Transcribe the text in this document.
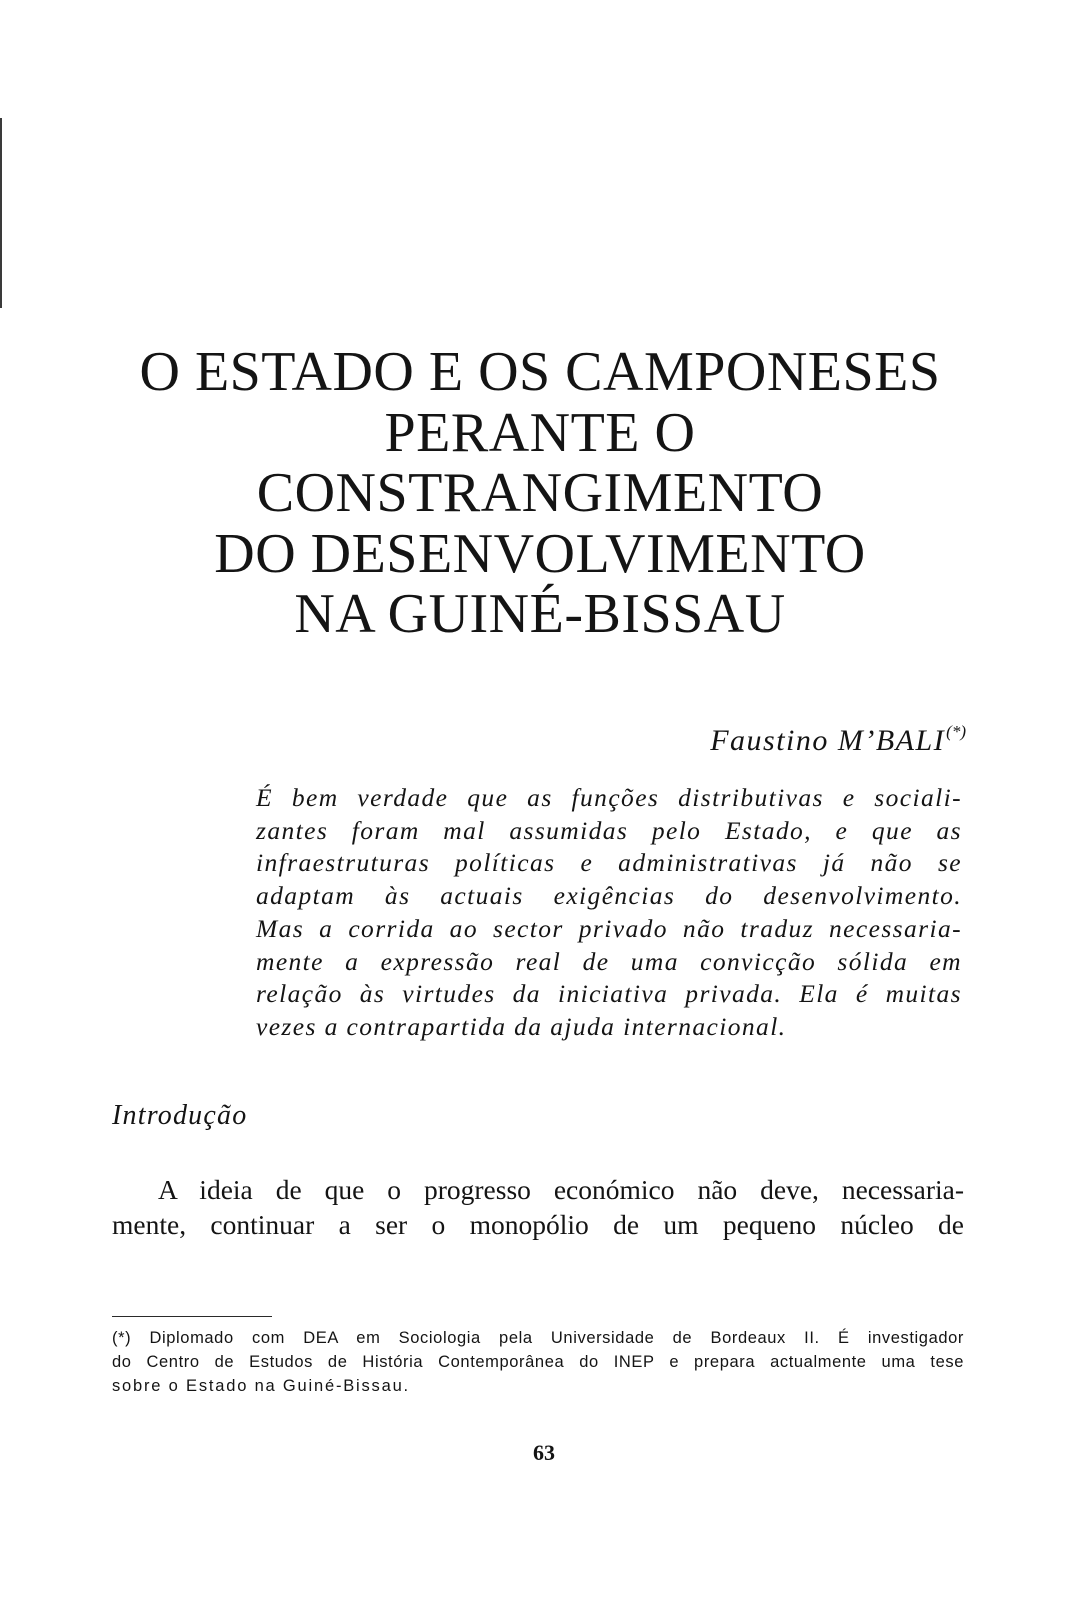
O ESTADO E OS CAMPONESES
PERANTE O
CONSTRANGIMENTO
DO DESENVOLVIMENTO
NA GUINÉ-BISSAU
Faustino M’BALI(*)
É bem verdade que as funções distributivas e sociali-
zantes foram mal assumidas pelo Estado, e que as
infraestruturas políticas e administrativas já não se
adaptam às actuais exigências do desenvolvimento.
Mas a corrida ao sector privado não traduz necessaria-
mente a expressão real de uma convicção sólida em
relação às virtudes da iniciativa privada. Ela é muitas
vezes a contrapartida da ajuda internacional.
Introdução
A ideia de que o progresso económico não deve, necessaria-
mente, continuar a ser o monopólio de um pequeno núcleo de
(*) Diplomado com DEA em Sociologia pela Universidade de Bordeaux II. É investigador
do Centro de Estudos de História Contemporânea do INEP e prepara actualmente uma tese
sobre o Estado na Guiné-Bissau.
63
